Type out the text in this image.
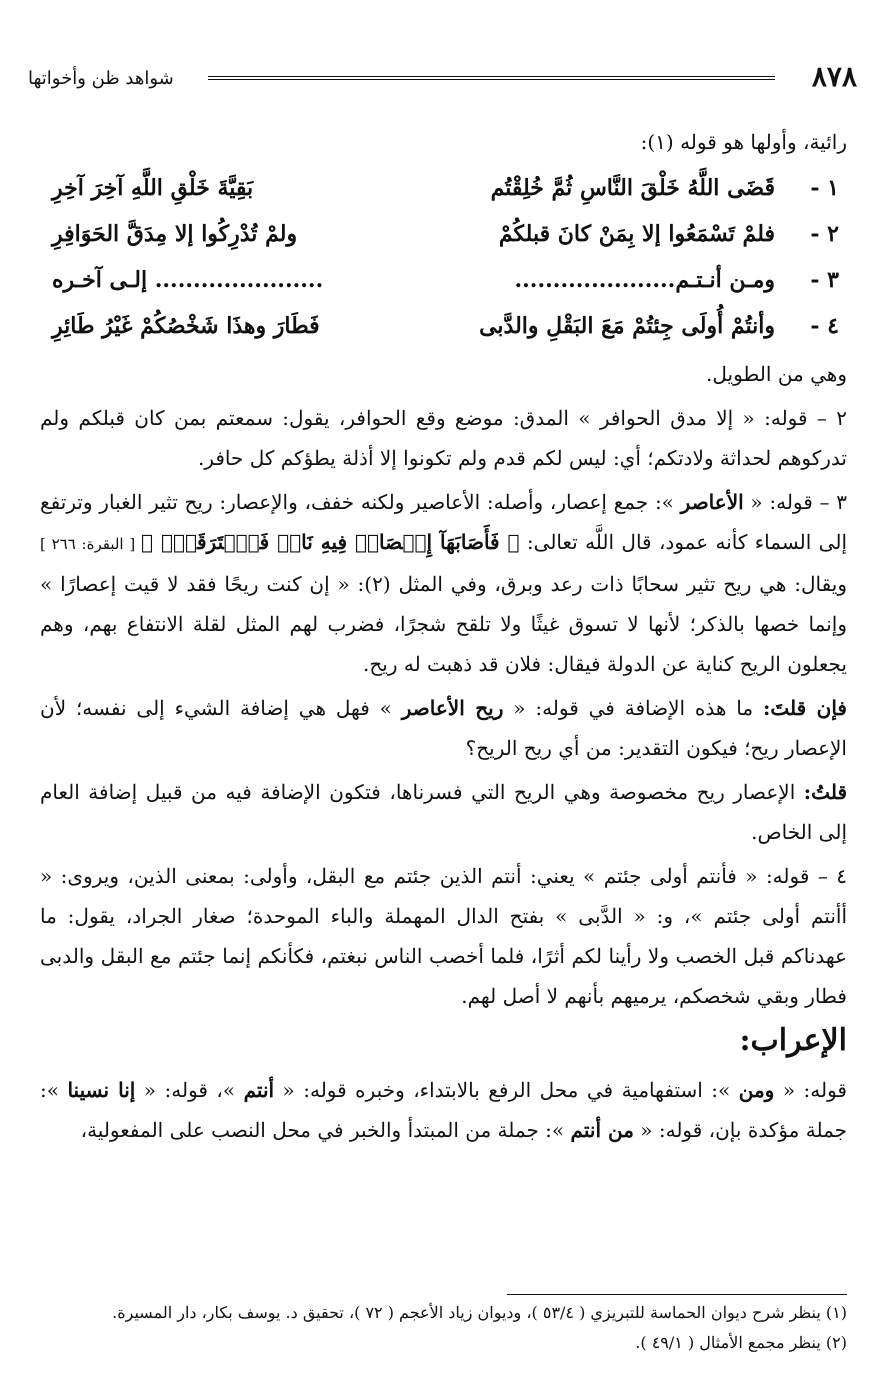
٨٧٨
شواهد ظن وأخواتها

رائية، وأولها هو قوله (١):

١ -
قَضَى اللَّهُ خَلْقَ النَّاسِ ثُمَّ خُلِقْتُم
بَقِيَّةَ خَلْقِ اللَّهِ آخِرَ آخِرِ
٢ -
فلمْ تَسْمَعُوا إلا بِمَنْ كانَ قبلكُمْ
ولمْ تُدْرِكُوا إلا مِدَقَّ الحَوَافِرِ
٣ -
ومـن أنـتـم.....................
...................... إلـى آخـره
٤ -
وأنتُمْ أُولَى جِئتُمْ مَعَ البَقْلِ والدَّبى
فَطَارَ وهذَا شَخْصُكُمْ غَيْرُ طَائِرِ

وهي من الطويل.

٢ – قوله: « إلا مدق الحوافر » المدق: موضع وقع الحوافر، يقول: سمعتم بمن كان قبلكم ولم تدركوهم لحداثة ولادتكم؛ أي: ليس لكم قدم ولم تكونوا إلا أذلة يطؤكم كل حافر.

٣ – قوله: « الأعاصر »: جمع إعصار، وأصله: الأعاصير ولكنه خفف، والإعصار: ريح تثير الغبار وترتفع إلى السماء كأنه عمود، قال اللَّه تعالى: ﴿ فَأَصَابَهَآ إِعۡصَارٞ فِيهِ نَارٞ فَٱحۡتَرَقَتۡۗ ﴾ [ البقرة: ٢٦٦ ] ويقال: هي ريح تثير سحابًا ذات رعد وبرق، وفي المثل (٢): « إن كنت ريحًا فقد لا قيت إعصارًا » وإنما خصها بالذكر؛ لأنها لا تسوق غيثًا ولا تلقح شجرًا، فضرب لهم المثل لقلة الانتفاع بهم، وهم يجعلون الريح كناية عن الدولة فيقال: فلان قد ذهبت له ريح.

فإن قلتَ: ما هذه الإضافة في قوله: « ريح الأعاصر » فهل هي إضافة الشيء إلى نفسه؛ لأن الإعصار ريح؛ فيكون التقدير: من أي ريح الريح؟

قلتُ: الإعصار ريح مخصوصة وهي الريح التي فسرناها، فتكون الإضافة فيه من قبيل إضافة العام إلى الخاص.

٤ – قوله: « فأنتم أولى جئتم » يعني: أنتم الذين جئتم مع البقل، وأولى: بمعنى الذين، ويروى: « أأنتم أولى جئتم »، و: « الدَّبى » بفتح الدال المهملة والباء الموحدة؛ صغار الجراد، يقول: ما عهدناكم قبل الخصب ولا رأينا لكم أثرًا، فلما أخصب الناس نبغتم، فكأنكم إنما جئتم مع البقل والدبى فطار وبقي شخصكم، يرميهم بأنهم لا أصل لهم.

الإعراب:

قوله: « ومن »: استفهامية في محل الرفع بالابتداء، وخبره قوله: « أنتم »، قوله: « إنا نسينا »: جملة مؤكدة بإن، قوله: « من أنتم »: جملة من المبتدأ والخبر في محل النصب على المفعولية،

(١) ينظر شرح ديوان الحماسة للتبريزي ( ٥٣/٤ )، وديوان زياد الأعجم ( ٧٢ )، تحقيق د. يوسف بكار، دار المسيرة.
(٢) ينظر مجمع الأمثال ( ٤٩/١ ).
